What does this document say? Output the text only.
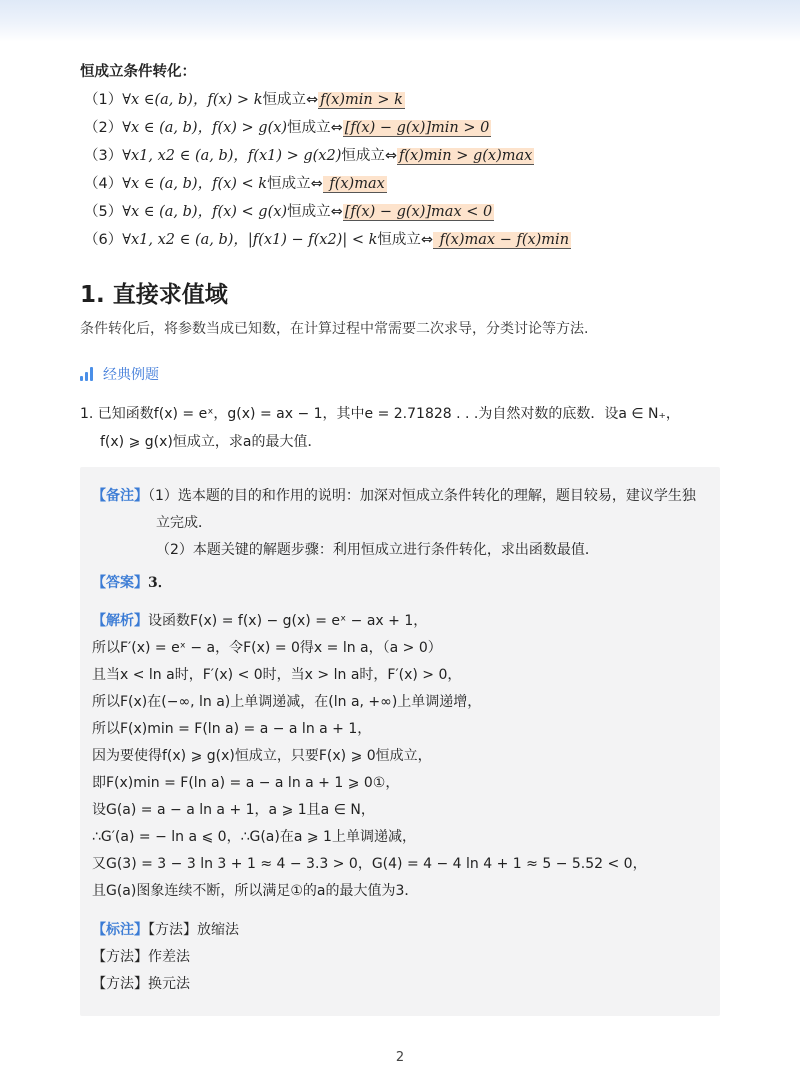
恒成立条件转化：
（1）∀x ∈(a, b)，f(x) > k恒成立⇔ f(x)min > k
（2）∀x ∈ (a, b)，f(x) > g(x)恒成立⇔ [f(x) − g(x)]min > 0
（3）∀x1, x2 ∈ (a, b)，f(x1) > g(x2)恒成立⇔ f(x)min > g(x)max
（4）∀x ∈ (a, b)，f(x) < k恒成立⇔ f(x)max
（5）∀x ∈ (a, b)，f(x) < g(x)恒成立⇔ [f(x) − g(x)]max < 0
（6）∀x1, x2 ∈ (a, b)，|f(x1) − f(x2)| < k恒成立⇔ f(x)max − f(x)min
1. 直接求值域
条件转化后，将参数当成已知数，在计算过程中常需要二次求导，分类讨论等方法.
经典例题
1. 已知函数f(x) = eˣ，g(x) = ax − 1，其中e = 2.71828 . . .为自然对数的底数．设a ∈ N₊，
f(x) ⩾ g(x)恒成立，求a的最大值．
【备注】（1）选本题的目的和作用的说明：加深对恒成立条件转化的理解，题目较易，建议学生独
立完成．
（2）本题关键的解题步骤：利用恒成立进行条件转化，求出函数最值．
【答案】3．
【解析】设函数F(x) = f(x) − g(x) = eˣ − ax + 1，
所以F′(x) = eˣ − a，令F(x) = 0得x = ln a，（a > 0）
且当x < ln a时，F′(x) < 0时，当x > ln a时，F′(x) > 0，
所以F(x)在(−∞, ln a)上单调递减，在(ln a, +∞)上单调递增，
所以F(x)min = F(ln a) = a − a ln a + 1，
因为要使得f(x) ⩾ g(x)恒成立，只要F(x) ⩾ 0恒成立，
即F(x)min = F(ln a) = a − a ln a + 1 ⩾ 0①，
设G(a) = a − a ln a + 1，a ⩾ 1且a ∈ N，
∴G′(a) = − ln a ⩽ 0，∴G(a)在a ⩾ 1上单调递减，
又G(3) = 3 − 3 ln 3 + 1 ≈ 4 − 3.3 > 0，G(4) = 4 − 4 ln 4 + 1 ≈ 5 − 5.52 < 0，
且G(a)图象连续不断，所以满足①的a的最大值为3．
【标注】【方法】放缩法
【方法】作差法
【方法】换元法
2
